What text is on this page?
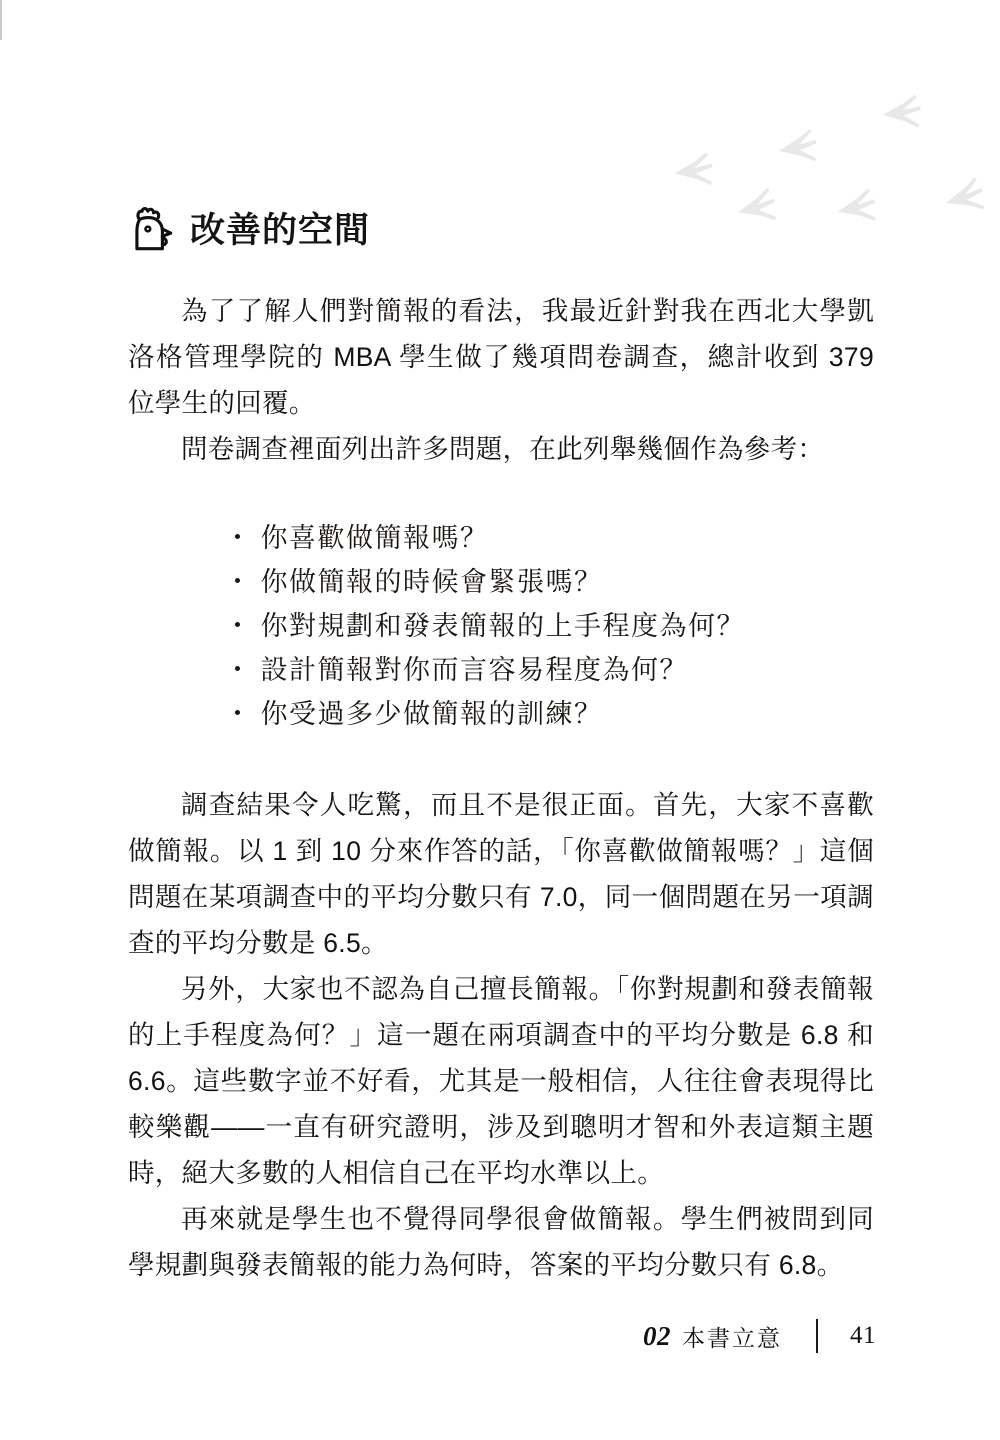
改善的空間

為了了解人們對簡報的看法，我最近針對我在西北大學凱洛格管理學院的 MBA 學生做了幾項問卷調查，總計收到 379 位學生的回覆。

問卷調查裡面列出許多問題，在此列舉幾個作為參考：

・ 你喜歡做簡報嗎？
・ 你做簡報的時候會緊張嗎？
・ 你對規劃和發表簡報的上手程度為何？
・ 設計簡報對你而言容易程度為何？
・ 你受過多少做簡報的訓練？

調查結果令人吃驚，而且不是很正面。首先，大家不喜歡做簡報。以 1 到 10 分來作答的話，「你喜歡做簡報嗎？」這個問題在某項調查中的平均分數只有 7.0，同一個問題在另一項調查的平均分數是 6.5。

另外，大家也不認為自己擅長簡報。「你對規劃和發表簡報的上手程度為何？」這一題在兩項調查中的平均分數是 6.8 和 6.6。這些數字並不好看，尤其是一般相信，人往往會表現得比較樂觀——一直有研究證明，涉及到聰明才智和外表這類主題時，絕大多數的人相信自己在平均水準以上。

再來就是學生也不覺得同學很會做簡報。學生們被問到同學規劃與發表簡報的能力為何時，答案的平均分數只有 6.8。

02 本書立意	41
